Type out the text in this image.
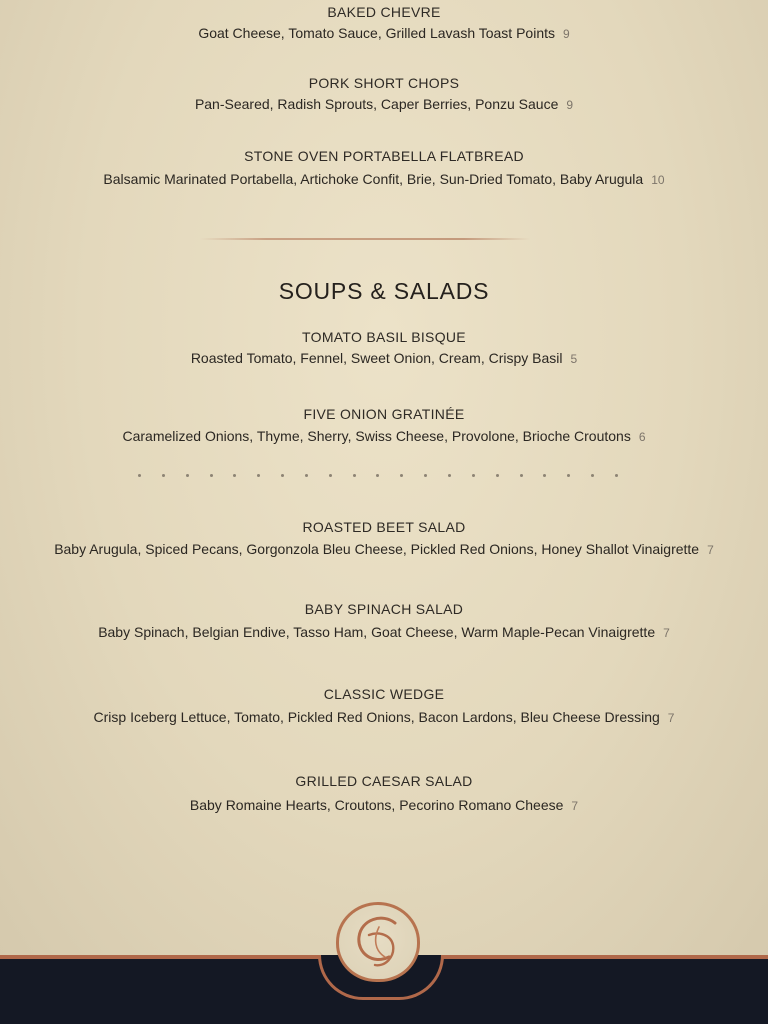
BAKED CHEVRE
Goat Cheese, Tomato Sauce, Grilled Lavash Toast Points 9
PORK SHORT CHOPS
Pan-Seared, Radish Sprouts, Caper Berries, Ponzu Sauce 9
STONE OVEN PORTABELLA FLATBREAD
Balsamic Marinated Portabella, Artichoke Confit, Brie, Sun-Dried Tomato, Baby Arugula 10
SOUPS & SALADS
TOMATO BASIL BISQUE
Roasted Tomato, Fennel, Sweet Onion, Cream, Crispy Basil 5
FIVE ONION GRATINÉE
Caramelized Onions, Thyme, Sherry, Swiss Cheese, Provolone, Brioche Croutons 6
ROASTED BEET SALAD
Baby Arugula, Spiced Pecans, Gorgonzola Bleu Cheese, Pickled Red Onions, Honey Shallot Vinaigrette 7
BABY SPINACH SALAD
Baby Spinach, Belgian Endive, Tasso Ham, Goat Cheese, Warm Maple-Pecan Vinaigrette 7
CLASSIC WEDGE
Crisp Iceberg Lettuce, Tomato, Pickled Red Onions, Bacon Lardons, Bleu Cheese Dressing 7
GRILLED CAESAR SALAD
Baby Romaine Hearts, Croutons, Pecorino Romano Cheese 7
